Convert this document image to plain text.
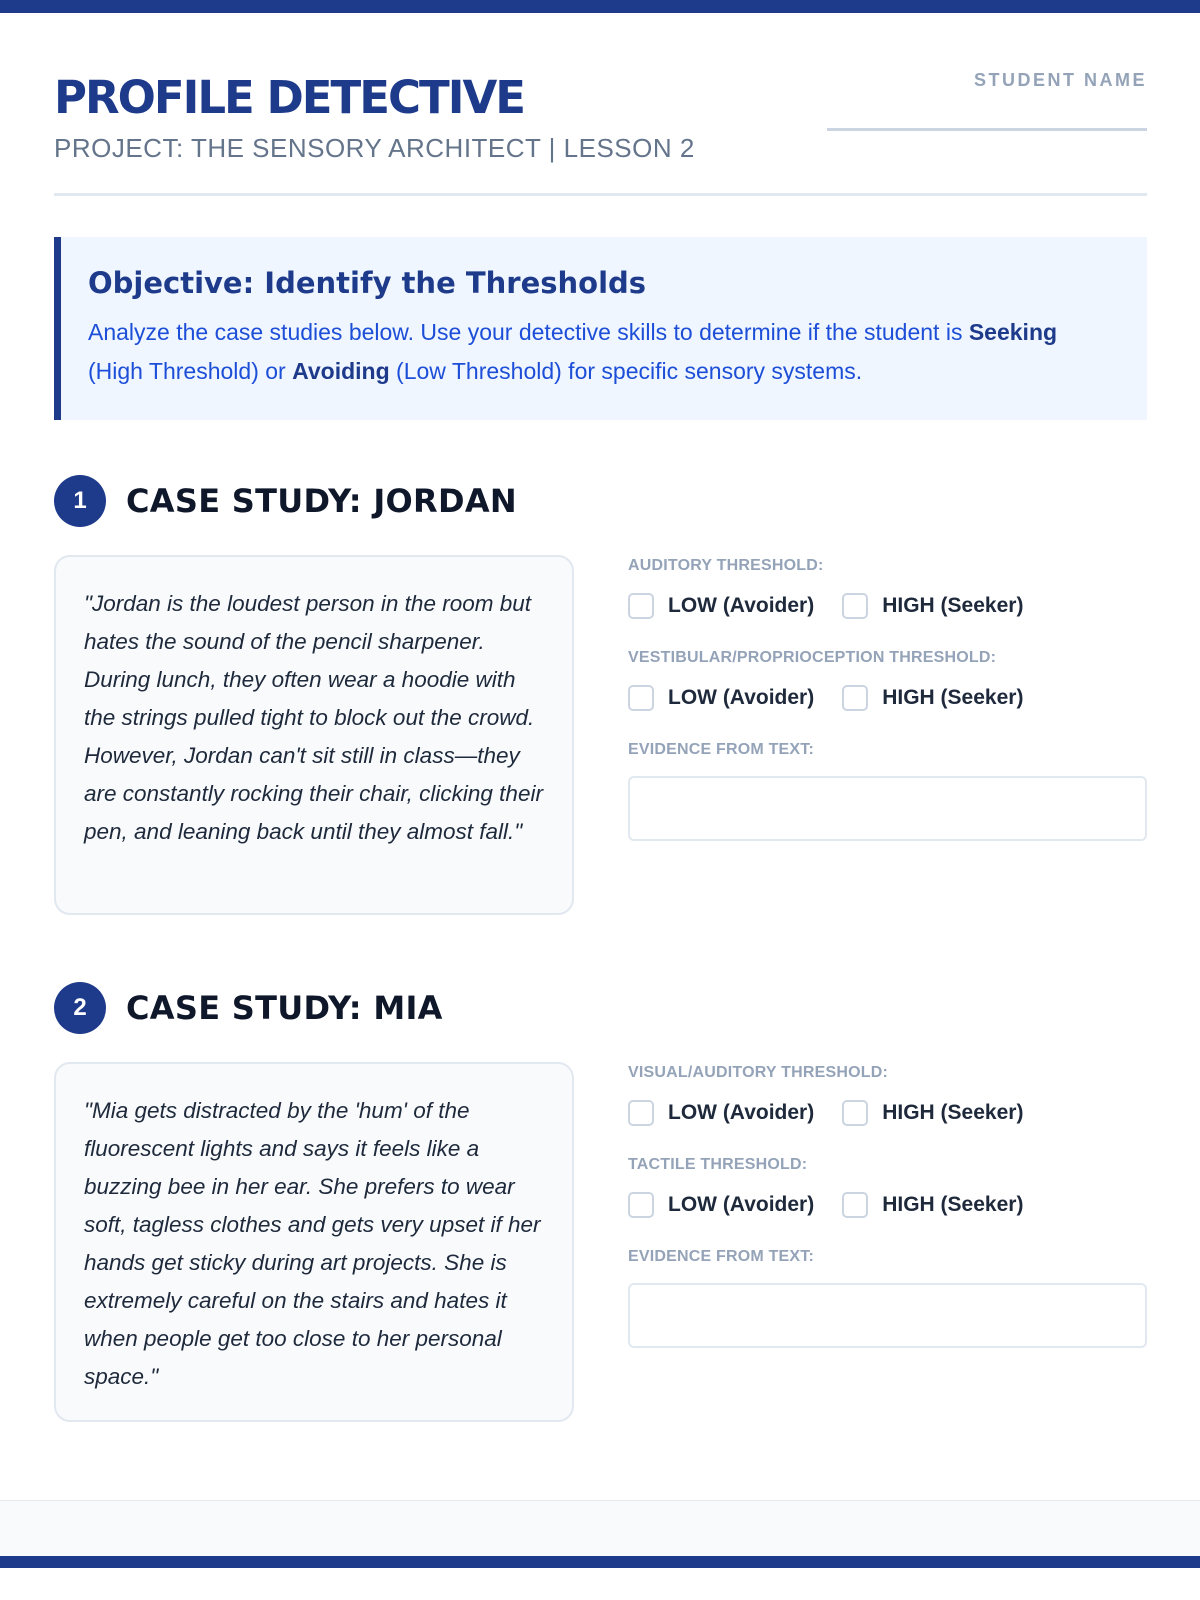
PROFILE DETECTIVE
PROJECT: THE SENSORY ARCHITECT | LESSON 2
STUDENT NAME
Objective: Identify the Thresholds
Analyze the case studies below. Use your detective skills to determine if the student is Seeking (High Threshold) or Avoiding (Low Threshold) for specific sensory systems.
1	CASE STUDY: JORDAN
"Jordan is the loudest person in the room but hates the sound of the pencil sharpener. During lunch, they often wear a hoodie with the strings pulled tight to block out the crowd. However, Jordan can't sit still in class—they are constantly rocking their chair, clicking their pen, and leaning back until they almost fall."
AUDITORY THRESHOLD:
LOW (Avoider)	HIGH (Seeker)
VESTIBULAR/PROPRIOCEPTION THRESHOLD:
LOW (Avoider)	HIGH (Seeker)
EVIDENCE FROM TEXT:
2	CASE STUDY: MIA
"Mia gets distracted by the 'hum' of the fluorescent lights and says it feels like a buzzing bee in her ear. She prefers to wear soft, tagless clothes and gets very upset if her hands get sticky during art projects. She is extremely careful on the stairs and hates it when people get too close to her personal space."
VISUAL/AUDITORY THRESHOLD:
LOW (Avoider)	HIGH (Seeker)
TACTILE THRESHOLD:
LOW (Avoider)	HIGH (Seeker)
EVIDENCE FROM TEXT:
